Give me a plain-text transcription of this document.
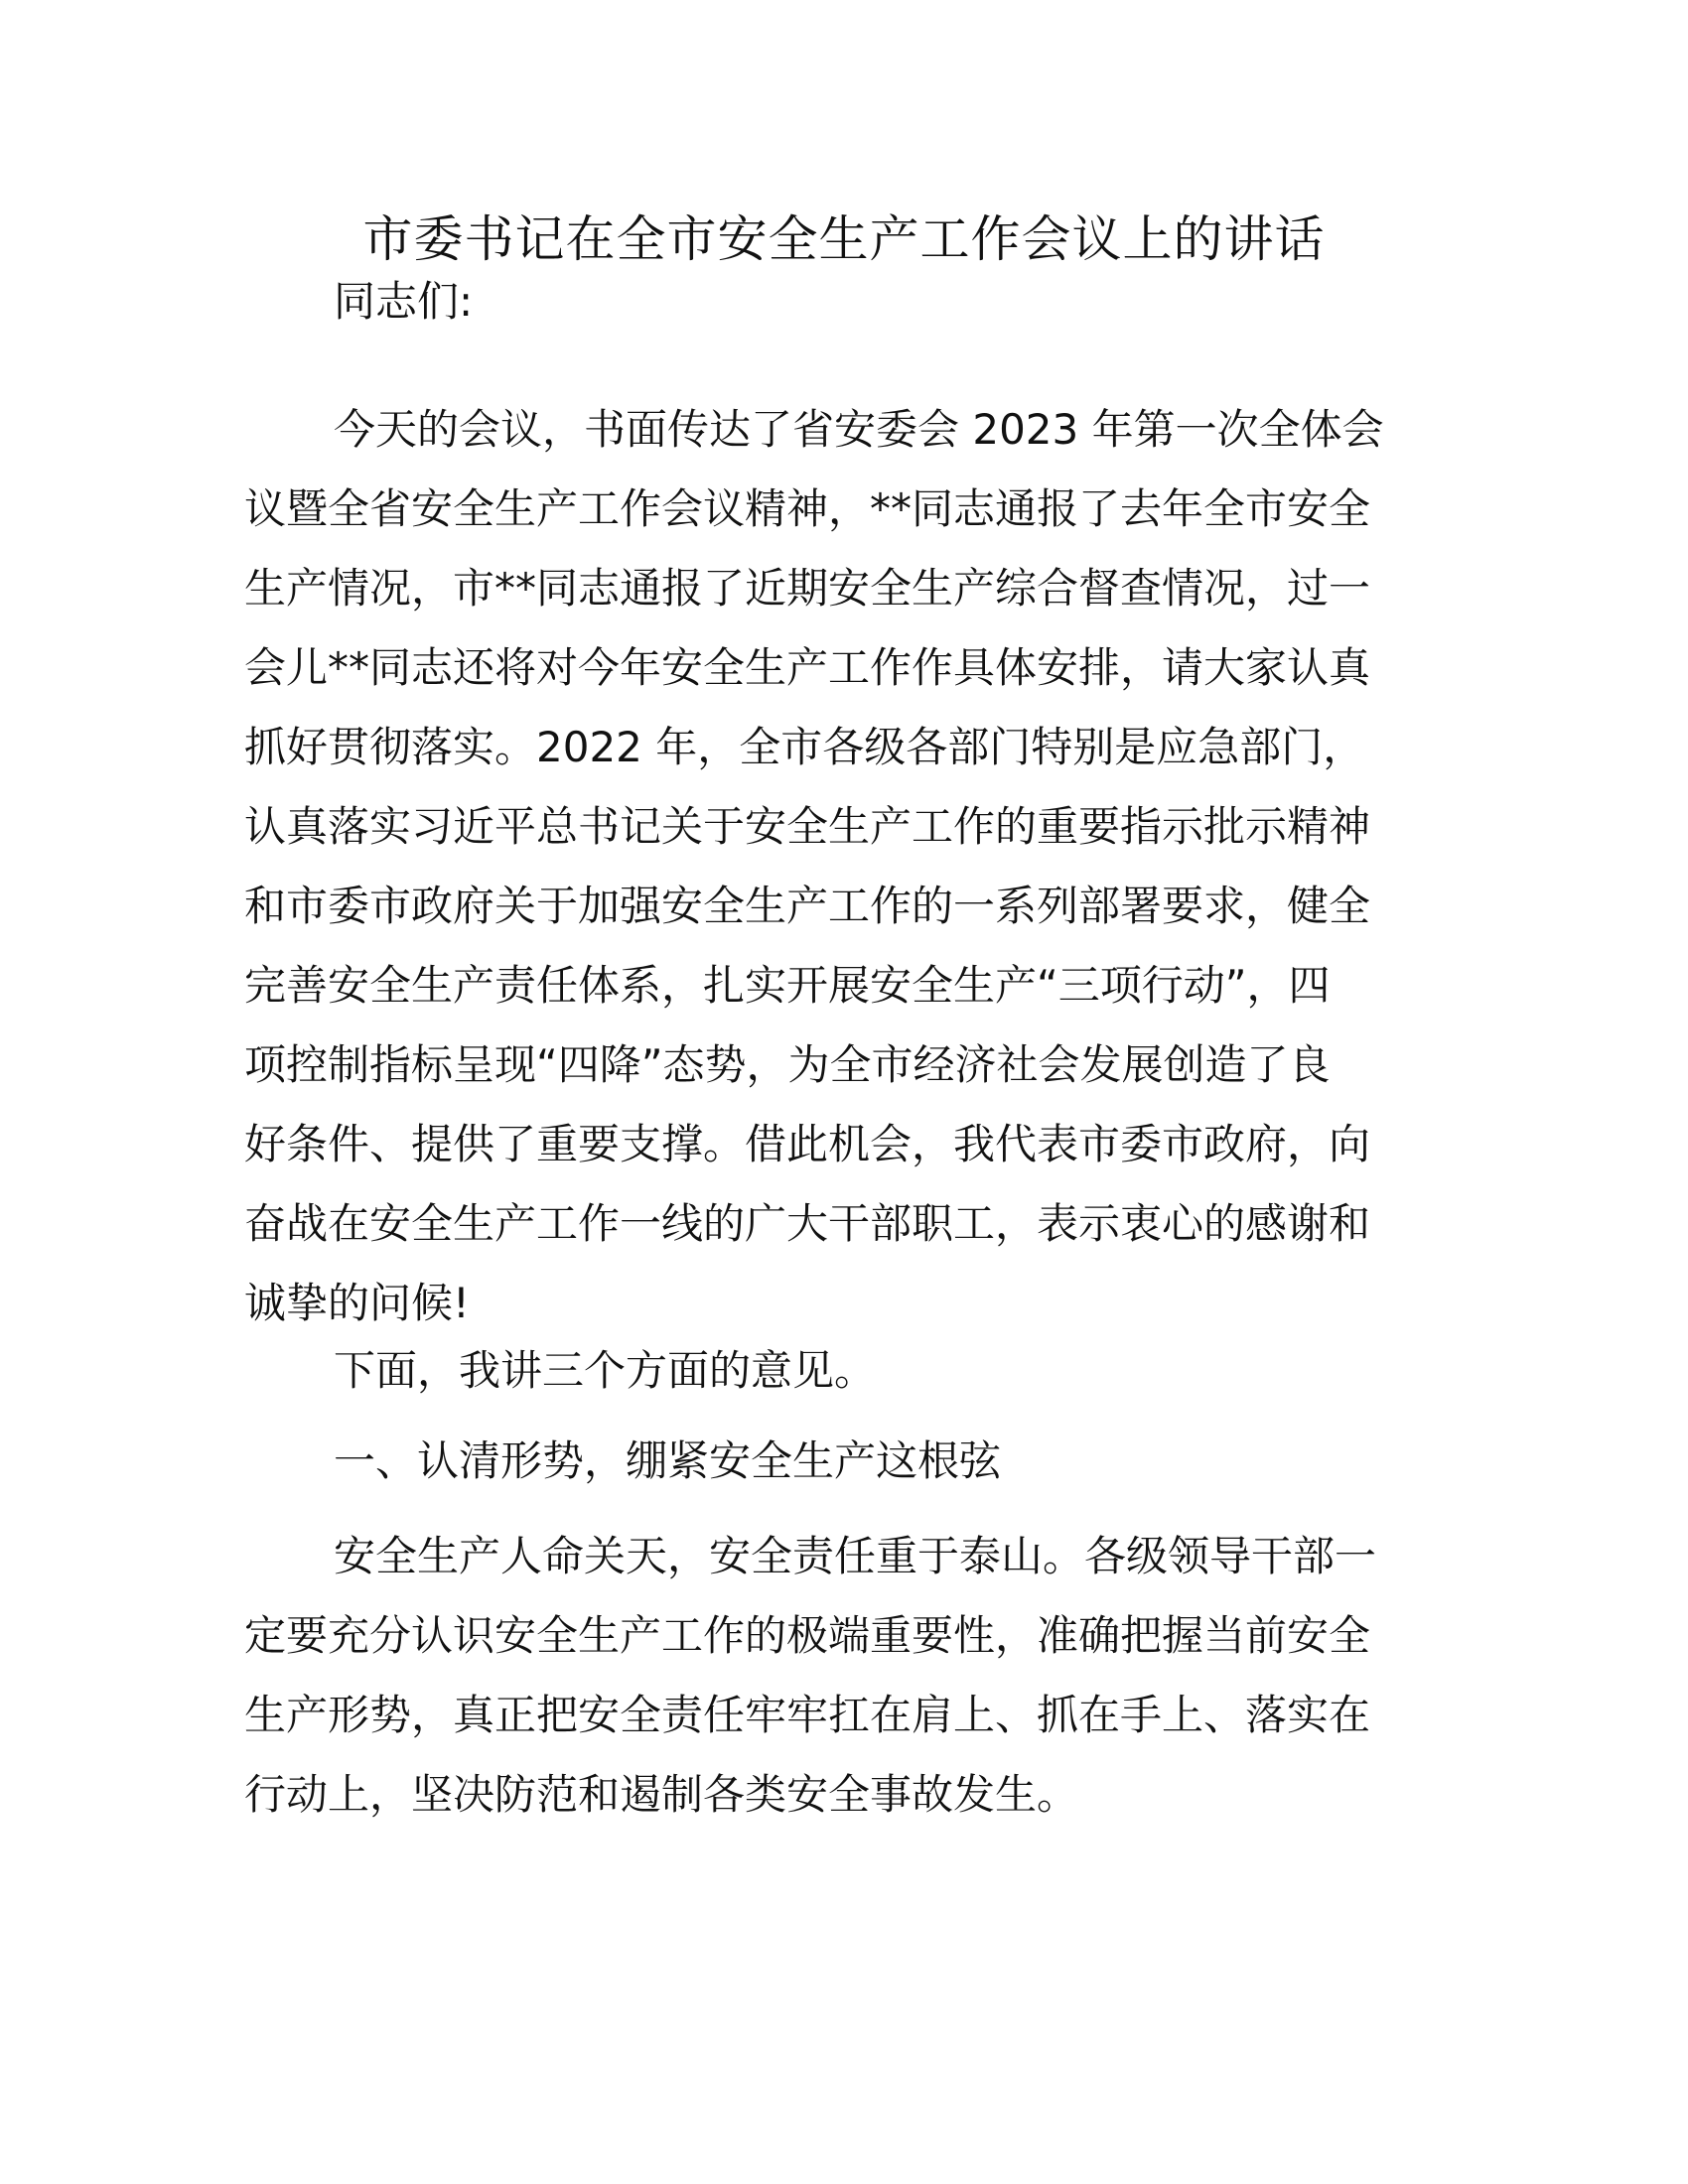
市委书记在全市安全生产工作会议上的讲话
同志们:
今天的会议，书面传达了省安委会 2023 年第一次全体会
议暨全省安全生产工作会议精神，**同志通报了去年全市安全
生产情况，市**同志通报了近期安全生产综合督查情况，过一
会儿**同志还将对今年安全生产工作作具体安排，请大家认真
抓好贯彻落实。2022 年，全市各级各部门特别是应急部门，
认真落实习近平总书记关于安全生产工作的重要指示批示精神
和市委市政府关于加强安全生产工作的一系列部署要求，健全
完善安全生产责任体系，扎实开展安全生产“三项行动”，四
项控制指标呈现“四降”态势，为全市经济社会发展创造了良
好条件、提供了重要支撑。借此机会，我代表市委市政府，向
奋战在安全生产工作一线的广大干部职工，表示衷心的感谢和
诚挚的问候!
下面，我讲三个方面的意见。
一、认清形势，绷紧安全生产这根弦
安全生产人命关天，安全责任重于泰山。各级领导干部一
定要充分认识安全生产工作的极端重要性，准确把握当前安全
生产形势，真正把安全责任牢牢扛在肩上、抓在手上、落实在
行动上，坚决防范和遏制各类安全事故发生。
